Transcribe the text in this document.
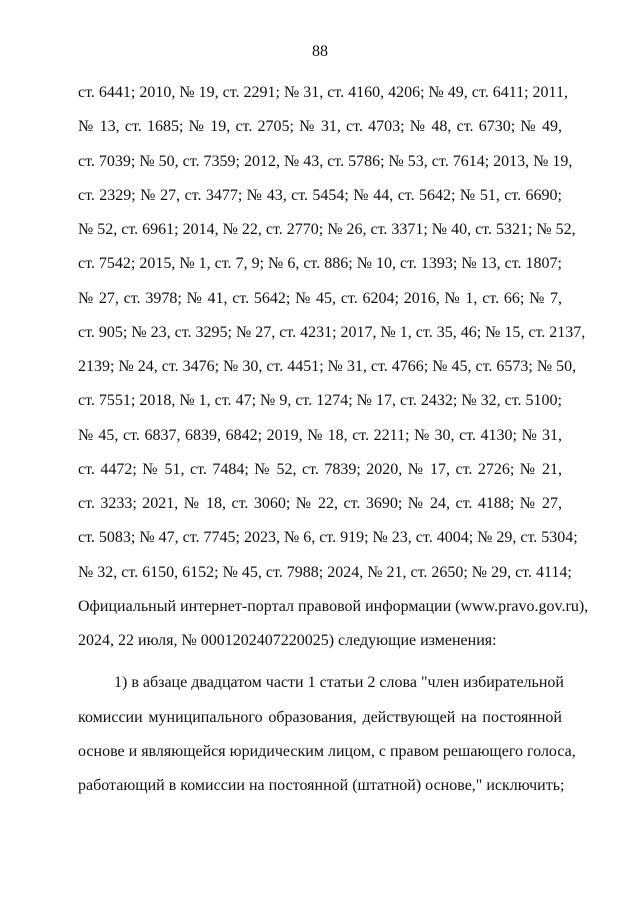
88
ст. 6441; 2010, № 19, ст. 2291; № 31, ст. 4160, 4206; № 49, ст. 6411; 2011,
№ 13, ст. 1685; № 19, ст. 2705; № 31, ст. 4703; № 48, ст. 6730; № 49,
ст. 7039; № 50, ст. 7359; 2012, № 43, ст. 5786; № 53, ст. 7614; 2013, № 19,
ст. 2329; № 27, ст. 3477; № 43, ст. 5454; № 44, ст. 5642; № 51, ст. 6690;
№ 52, ст. 6961; 2014, № 22, ст. 2770; № 26, ст. 3371; № 40, ст. 5321; № 52,
ст. 7542; 2015, № 1, ст. 7, 9; № 6, ст. 886; № 10, ст. 1393; № 13, ст. 1807;
№ 27, ст. 3978; № 41, ст. 5642; № 45, ст. 6204; 2016, № 1, ст. 66; № 7,
ст. 905; № 23, ст. 3295; № 27, ст. 4231; 2017, № 1, ст. 35, 46; № 15, ст. 2137,
2139; № 24, ст. 3476; № 30, ст. 4451; № 31, ст. 4766; № 45, ст. 6573; № 50,
ст. 7551; 2018, № 1, ст. 47; № 9, ст. 1274; № 17, ст. 2432; № 32, ст. 5100;
№ 45, ст. 6837, 6839, 6842; 2019, № 18, ст. 2211; № 30, ст. 4130; № 31,
ст. 4472; № 51, ст. 7484; № 52, ст. 7839; 2020, № 17, ст. 2726; № 21,
ст. 3233; 2021, № 18, ст. 3060; № 22, ст. 3690; № 24, ст. 4188; № 27,
ст. 5083; № 47, ст. 7745; 2023, № 6, ст. 919; № 23, ст. 4004; № 29, ст. 5304;
№ 32, ст. 6150, 6152; № 45, ст. 7988; 2024, № 21, ст. 2650; № 29, ст. 4114;
Официальный интернет-портал правовой информации (www.pravo.gov.ru),
2024, 22 июля, № 0001202407220025) следующие изменения:
1) в абзаце двадцатом части 1 статьи 2 слова "член избирательной
комиссии муниципального образования, действующей на постоянной
основе и являющейся юридическим лицом, с правом решающего голоса,
работающий в комиссии на постоянной (штатной) основе," исключить;
